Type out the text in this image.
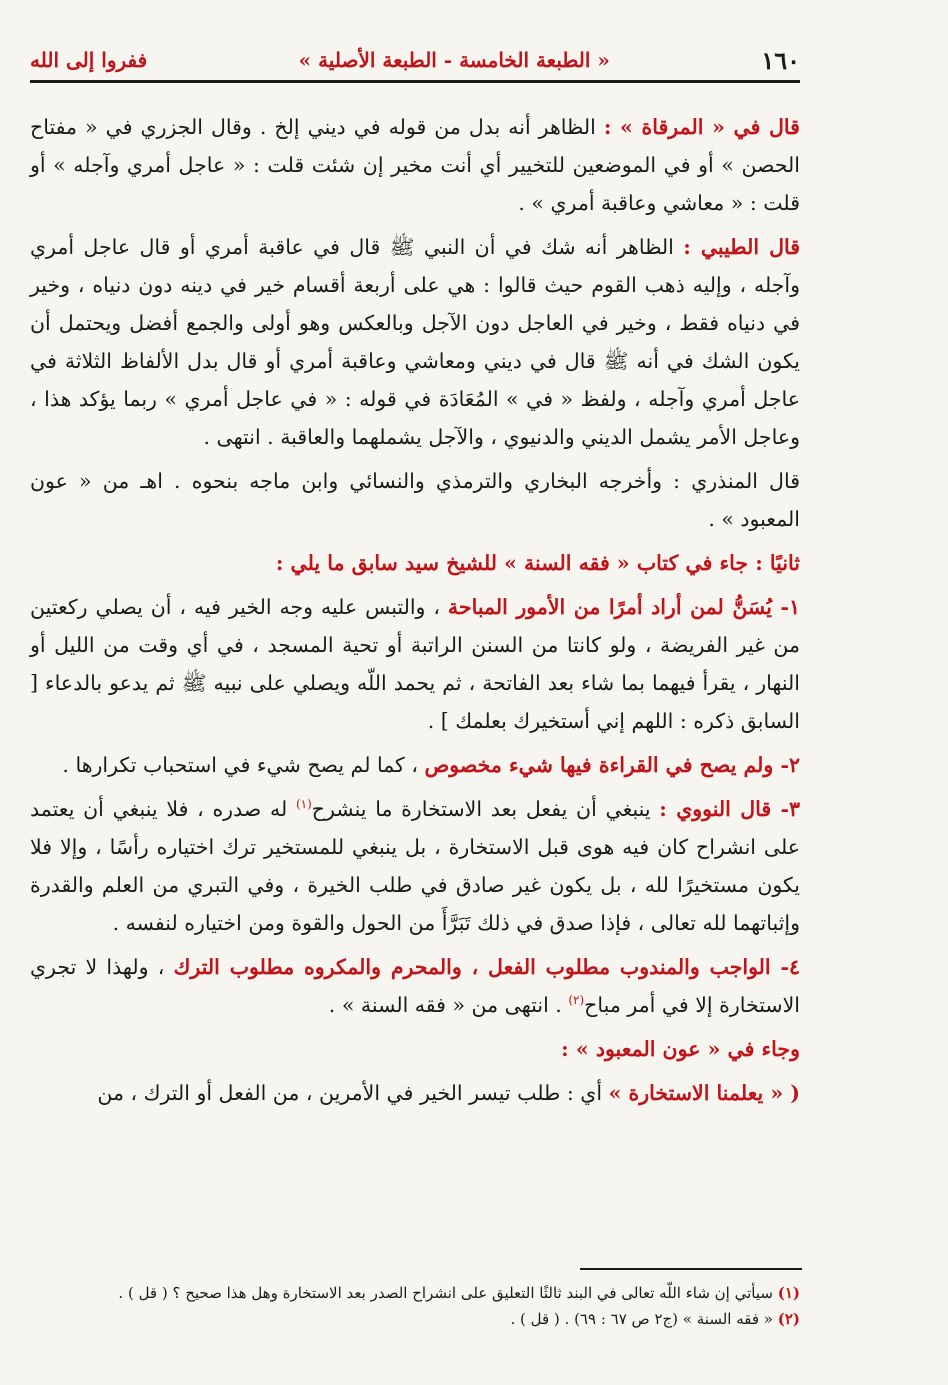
١٦٠
« الطبعة الخامسة - الطبعة الأصلية »
ففروا إلى الله

قال في « المرقاة » : الظاهر أنه بدل من قوله في ديني إلخ . وقال الجزري في « مفتاح الحصن » أو في الموضعين للتخيير أي أنت مخير إن شئت قلت : « عاجل أمري وآجله » أو قلت : « معاشي وعاقبة أمري » .

قال الطيبي : الظاهر أنه شك في أن النبي ﷺ قال في عاقبة أمري أو قال عاجل أمري وآجله ، وإليه ذهب القوم حيث قالوا : هي على أربعة أقسام خير في دينه دون دنياه ، وخير في دنياه فقط ، وخير في العاجل دون الآجل وبالعكس وهو أولى والجمع أفضل ويحتمل أن يكون الشك في أنه ﷺ قال في ديني ومعاشي وعاقبة أمري أو قال بدل الألفاظ الثلاثة في عاجل أمري وآجله ، ولفظ « في » المُعَادَة في قوله : « في عاجل أمري » ربما يؤكد هذا ، وعاجل الأمر يشمل الديني والدنيوي ، والآجل يشملهما والعاقبة . انتهى .

قال المنذري : وأخرجه البخاري والترمذي والنسائي وابن ماجه بنحوه . اهـ من « عون المعبود » .

ثانيًا : جاء في كتاب « فقه السنة » للشيخ سيد سابق ما يلي :

١- يُسَنُّ لمن أراد أمرًا من الأمور المباحة ، والتبس عليه وجه الخير فيه ، أن يصلي ركعتين من غير الفريضة ، ولو كانتا من السنن الراتبة أو تحية المسجد ، في أي وقت من الليل أو النهار ، يقرأ فيهما بما شاء بعد الفاتحة ، ثم يحمد اللّه ويصلي على نبيه ﷺ ثم يدعو بالدعاء [ السابق ذكره : اللهم إني أستخيرك بعلمك ] .

٢- ولم يصح في القراءة فيها شيء مخصوص ، كما لم يصح شيء في استحباب تكرارها .

٣- قال النووي : ينبغي أن يفعل بعد الاستخارة ما ينشرح$^{(١)}$ له صدره ، فلا ينبغي أن يعتمد على انشراح كان فيه هوى قبل الاستخارة ، بل ينبغي للمستخير ترك اختياره رأسًا ، وإلا فلا يكون مستخيرًا لله ، بل يكون غير صادق في طلب الخيرة ، وفي التبري من العلم والقدرة وإثباتهما لله تعالى ، فإذا صدق في ذلك تَبَرَّأَ من الحول والقوة ومن اختياره لنفسه .

٤- الواجب والمندوب مطلوب الفعل ، والمحرم والمكروه مطلوب الترك ، ولهذا لا تجري الاستخارة إلا في أمر مباح$^{(٢)}$ . انتهى من « فقه السنة » .

وجاء في « عون المعبود » :

( « يعلمنا الاستخارة » أي : طلب تيسر الخير في الأمرين ، من الفعل أو الترك ، من

(١) سيأتي إن شاء اللّه تعالى في البند ثالثًا التعليق على انشراح الصدر بعد الاستخارة وهل هذا صحيح ؟ ( قل ) .

(٢) « فقه السنة » (ج٢ ص ٦٧ : ٦٩) . ( قل ) .
